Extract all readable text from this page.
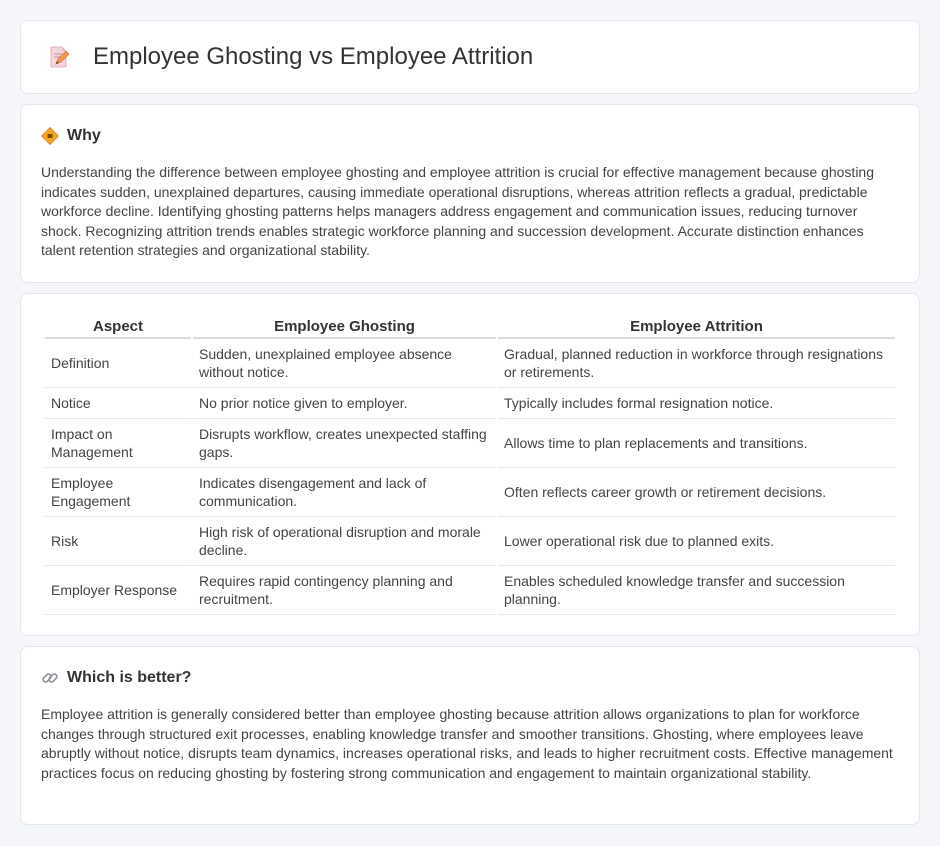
Employee Ghosting vs Employee Attrition
Why

Understanding the difference between employee ghosting and employee attrition is crucial for effective management because ghosting indicates sudden, unexplained departures, causing immediate operational disruptions, whereas attrition reflects a gradual, predictable workforce decline. Identifying ghosting patterns helps managers address engagement and communication issues, reducing turnover shock. Recognizing attrition trends enables strategic workforce planning and succession development. Accurate distinction enhances talent retention strategies and organizational stability.

Aspect	Employee Ghosting	Employee Attrition
Definition	Sudden, unexplained employee absence without notice.	Gradual, planned reduction in workforce through resignations or retirements.
Notice	No prior notice given to employer.	Typically includes formal resignation notice.
Impact on Management	Disrupts workflow, creates unexpected staffing gaps.	Allows time to plan replacements and transitions.
Employee Engagement	Indicates disengagement and lack of communication.	Often reflects career growth or retirement decisions.
Risk	High risk of operational disruption and morale decline.	Lower operational risk due to planned exits.
Employer Response	Requires rapid contingency planning and recruitment.	Enables scheduled knowledge transfer and succession planning.
Which is better?

Employee attrition is generally considered better than employee ghosting because attrition allows organizations to plan for workforce changes through structured exit processes, enabling knowledge transfer and smoother transitions. Ghosting, where employees leave abruptly without notice, disrupts team dynamics, increases operational risks, and leads to higher recruitment costs. Effective management practices focus on reducing ghosting by fostering strong communication and engagement to maintain organizational stability.
